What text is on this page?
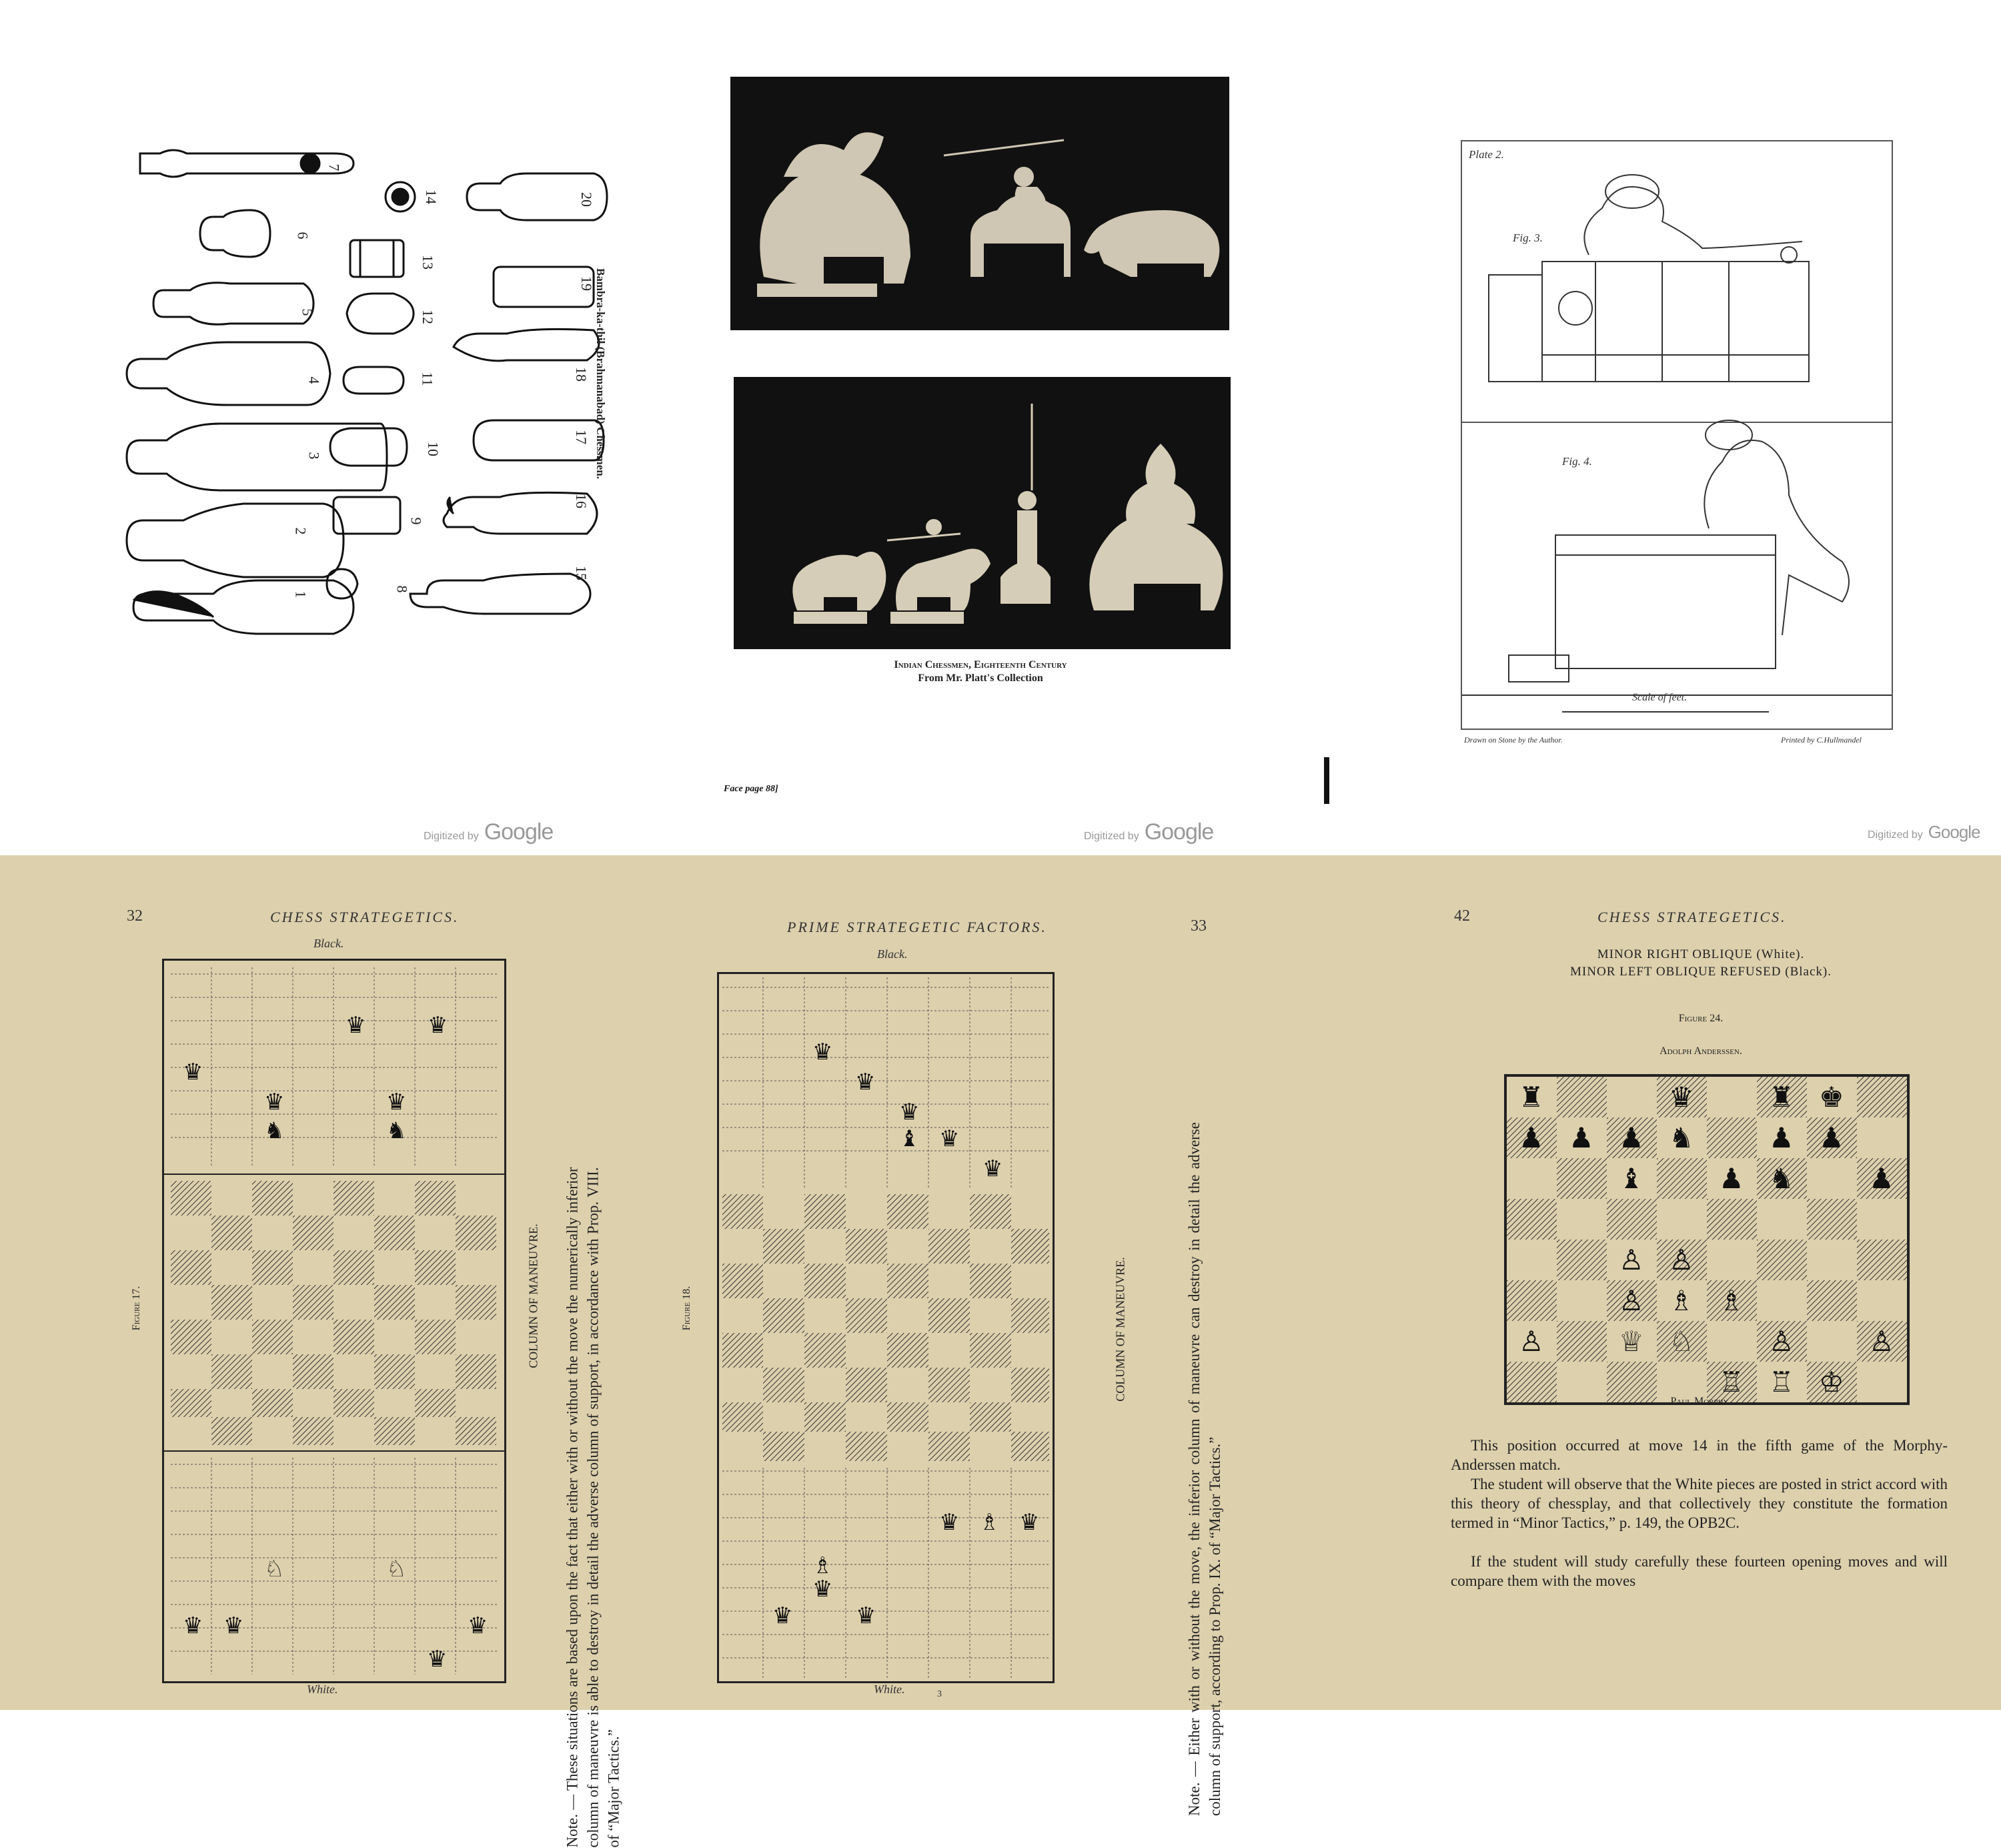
1
2
3
4
5
6
7
8
9
10
11
12
13
14
15
16
17
18
19
20
Bambra-ka-thil (Brahmanabad) Chessmen.
Digitized by Google
Indian Chessmen, Eighteenth Century
From Mr. Platt's Collection
Face page 88]
Digitized by Google
Plate 2.
Fig. 3.
Fig. 4.
Scale of feet.
Drawn on Stone by the Author.	Printed by C.Hullmandel
Digitized by Google
32	CHESS STRATEGETICS.
Black.
♛	♛
♛
♛	♛
♞	♞
♘	♘
♛ ♛	♛
♛
White.
Figure 17.	COLUMN OF MANEUVRE. Note. — These situations are based upon the fact that either with or without the move the numerically inferior column of maneuvre is able to destroy in detail the adverse column of support, in accordance with Prop. VIII. of “Major Tactics.”
PRIME STRATEGETIC FACTORS.	33
Black.
♛
♛
♛
♝ ♛
♛
♛ ♗ ♛
♗
♛
♛	♛
White.	3
Figure 18.	COLUMN OF MANEUVRE.	Note. — Either with or without the move, the inferior column of maneuvre can destroy in detail the adverse column of support, according to Prop. IX. of “Major Tactics.”
42	CHESS STRATEGETICS.
MINOR RIGHT OBLIQUE (White).
MINOR LEFT OBLIQUE REFUSED (Black).
Figure 24.
Adolph Anderssen.
♜	♛	♜ ♚
♟ ♟ ♟ ♞	♟ ♟
♝	♟ ♞	♟
♙ ♙
♙ ♗ ♗
♙	♕ ♘	♙	♙
♖ ♖ ♔
Paul Morphy.
This position occurred at move 14 in the fifth game of the Morphy-Anderssen match.
The student will observe that the White pieces are posted in strict accord with this theory of chessplay, and that collectively they constitute the formation termed in “Minor Tactics,” p. 149, the OPB2C.
If the student will study carefully these fourteen opening moves and will compare them with the moves
